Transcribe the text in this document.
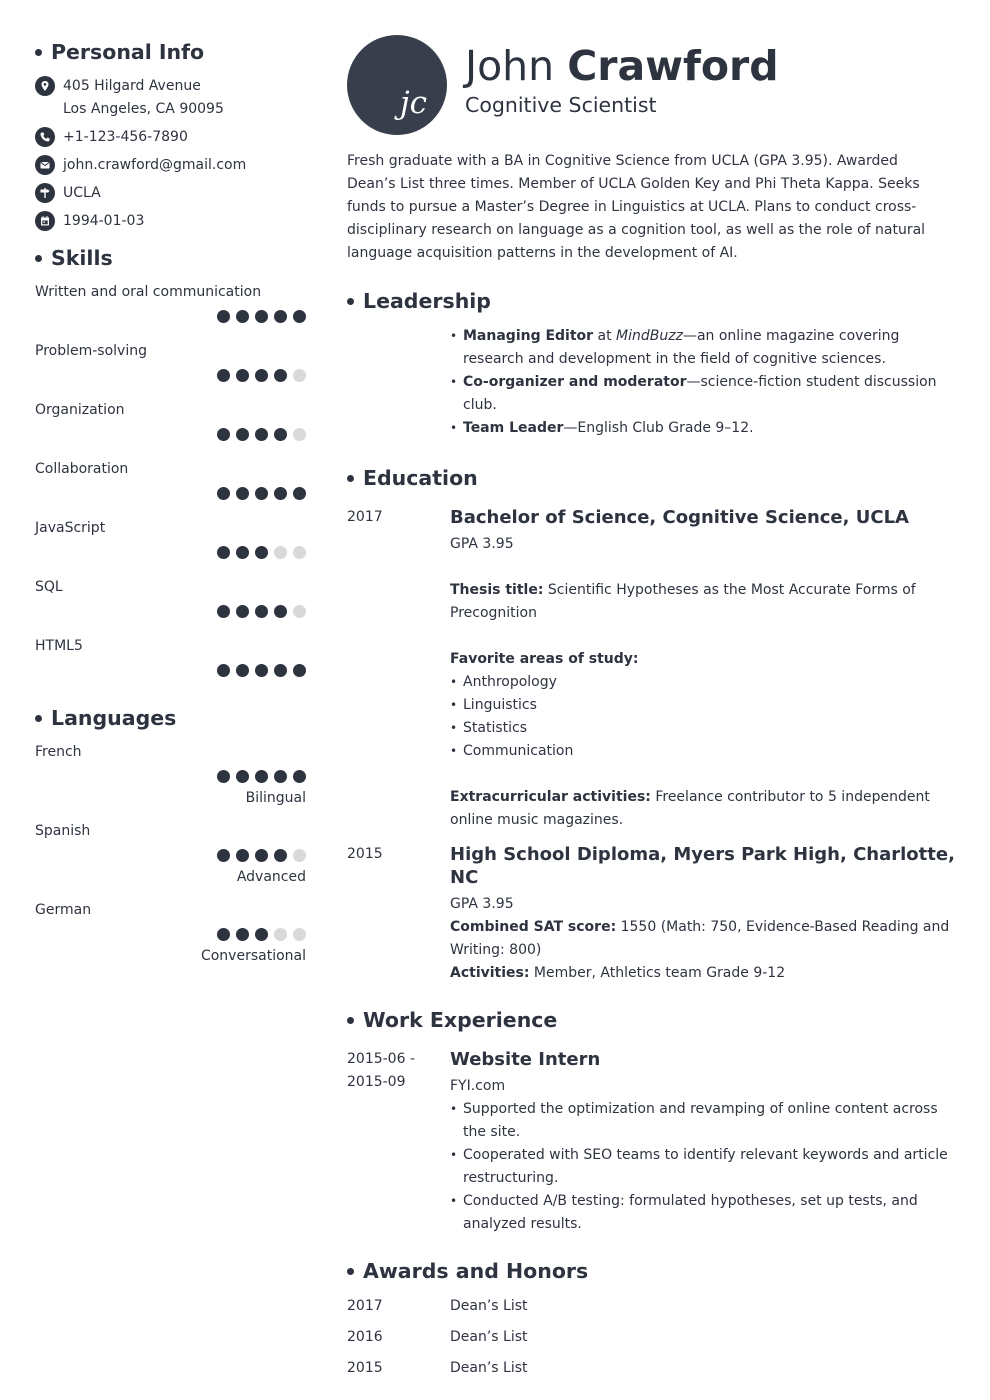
Personal Info
405 Hilgard Avenue
Los Angeles, CA 90095
+1-123-456-7890
john.crawford@gmail.com
UCLA
1994-01-03
Skills
Written and oral communication
Problem-solving
Organization
Collaboration
JavaScript
SQL
HTML5
Languages
French
Bilingual
Spanish
Advanced
German
Conversational
jc
John Crawford
Cognitive Scientist

Fresh graduate with a BA in Cognitive Science from UCLA (GPA 3.95). Awarded Dean’s List three times. Member of UCLA Golden Key and Phi Theta Kappa. Seeks funds to pursue a Master’s Degree in Linguistics at UCLA. Plans to conduct cross-disciplinary research on language as a cognition tool, as well as the role of natural language acquisition patterns in the development of AI.

Leadership
• Managing Editor at MindBuzz—an online magazine covering research and development in the field of cognitive sciences.
• Co-organizer and moderator—science-fiction student discussion club.
• Team Leader—English Club Grade 9–12.
Education
2017	Bachelor of Science, Cognitive Science, UCLA
GPA 3.95
Thesis title: Scientific Hypotheses as the Most Accurate Forms of Precognition
Favorite areas of study:
• Anthropology
• Linguistics
• Statistics
• Communication
Extracurricular activities: Freelance contributor to 5 independent online music magazines.
2015	High School Diploma, Myers Park High, Charlotte, NC
GPA 3.95
Combined SAT score: 1550 (Math: 750, Evidence-Based Reading and Writing: 800)
Activities: Member, Athletics team Grade 9-12
Work Experience
2015-06 -
2015-09
Website Intern
FYI.com
• Supported the optimization and revamping of online content across the site.
• Cooperated with SEO teams to identify relevant keywords and article restructuring.
• Conducted A/B testing: formulated hypotheses, set up tests, and analyzed results.
Awards and Honors
2017	Dean’s List
2016	Dean’s List
2015	Dean’s List
